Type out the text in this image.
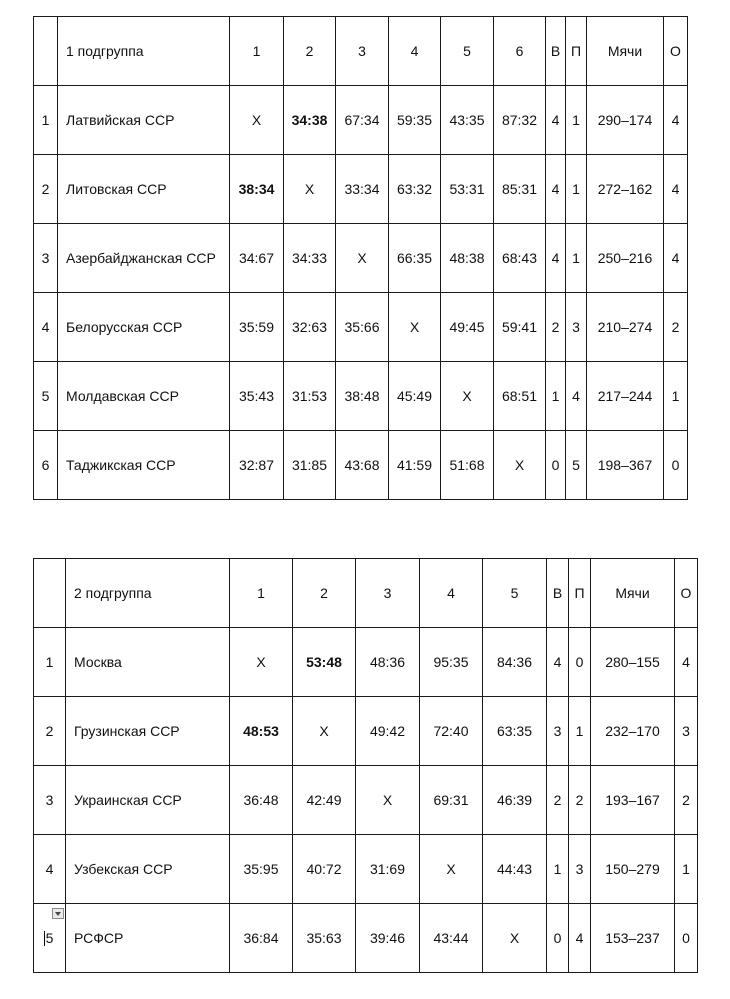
	1 подгруппа	1	2	3	4	5	6	В	П	Мячи	О
1	Латвийская ССР	Х	34:38	67:34	59:35	43:35	87:32	4	1	290–174	4
2	Литовская ССР	38:34	Х	33:34	63:32	53:31	85:31	4	1	272–162	4
3	Азербайджанская ССР	34:67	34:33	Х	66:35	48:38	68:43	4	1	250–216	4
4	Белорусская ССР	35:59	32:63	35:66	Х	49:45	59:41	2	3	210–274	2
5	Молдавская ССР	35:43	31:53	38:48	45:49	Х	68:51	1	4	217–244	1
6	Таджикская ССР	32:87	31:85	43:68	41:59	51:68	Х	0	5	198–367	0
	2 подгруппа	1	2	3	4	5	В	П	Мячи	О
1	Москва	Х	53:48	48:36	95:35	84:36	4	0	280–155	4
2	Грузинская ССР	48:53	Х	49:42	72:40	63:35	3	1	232–170	3
3	Украинская ССР	36:48	42:49	Х	69:31	46:39	2	2	193–167	2
4	Узбекская ССР	35:95	40:72	31:69	Х	44:43	1	3	150–279	1

5	РСФСР	36:84	35:63	39:46	43:44	Х	0	4	153–237	0
